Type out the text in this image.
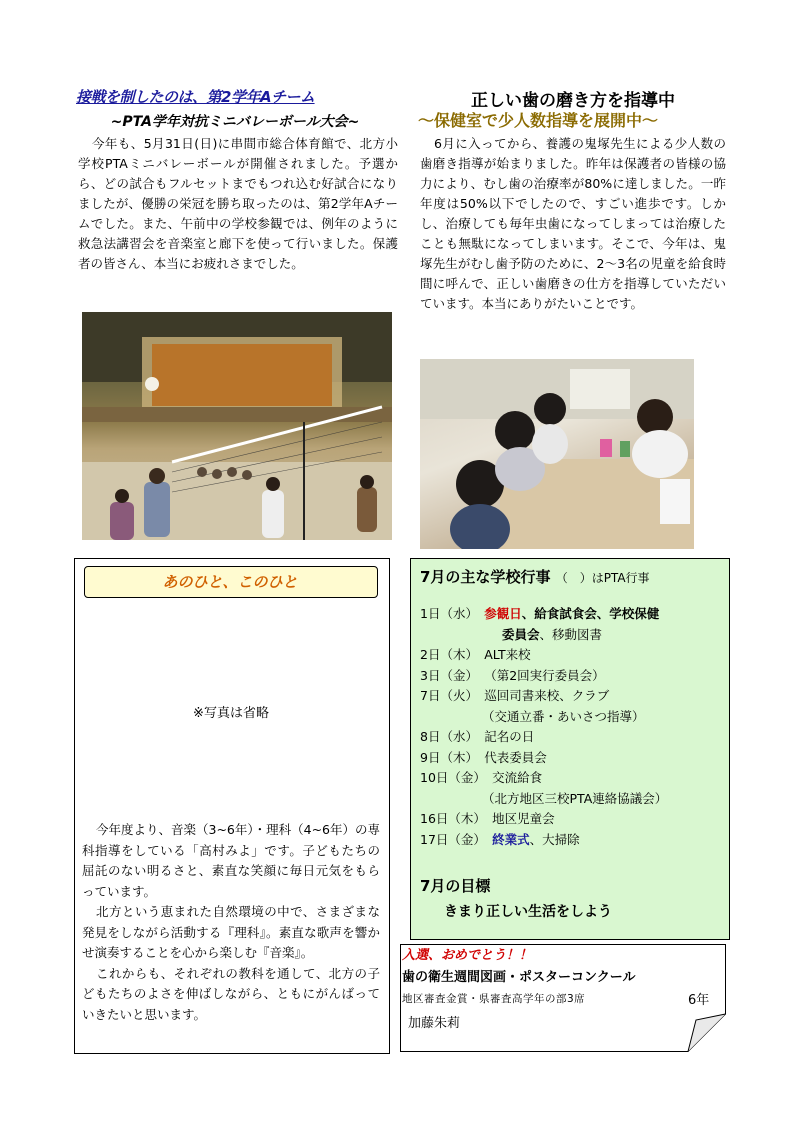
接戦を制したのは、第2学年Aチーム
~PTA学年対抗ミニバレーボール大会~
今年も、5月31日(日)に串間市総合体育館で、北方小学校PTAミニバレーボールが開催されました。予選から、どの試合もフルセットまでもつれ込む好試合になりましたが、優勝の栄冠を勝ち取ったのは、第2学年Aチームでした。また、午前中の学校参観では、例年のように救急法講習会を音楽室と廊下を使って行いました。保護者の皆さん、本当にお疲れさまでした。
正しい歯の磨き方を指導中
～保健室で少人数指導を展開中～
6月に入ってから、養護の鬼塚先生による少人数の歯磨き指導が始まりました。昨年は保護者の皆様の協力により、むし歯の治療率が80%に達しました。一昨年度は50%以下でしたので、すごい進歩です。しかし、治療しても毎年虫歯になってしまっては治療したことも無駄になってしまいます。そこで、今年は、鬼塚先生がむし歯予防のために、2～3名の児童を給食時間に呼んで、正しい歯磨きの仕方を指導していただいています。本当にありがたいことです。
あのひと、このひと
※写真は省略

今年度より、音楽（3~6年）・理科（4~6年）の専科指導をしている「高村みよ」です。子どもたちの屈託のない明るさと、素直な笑顔に毎日元気をもらっています。

北方という恵まれた自然環境の中で、さまざまな発見をしながら活動する『理科』。素直な歌声を響かせ演奏することを心から楽しむ『音楽』。

これからも、それぞれの教科を通して、北方の子どもたちのよさを伸ばしながら、ともにがんばっていきたいと思います。

7月の主な学校行事 （　）はPTA行事
1日（水） 参観日、給食試食会、学校保健
委員会、移動図書
2日（木） ALT来校
3日（金） （第2回実行委員会）
7日（火） 巡回司書来校、クラブ
（交通立番・あいさつ指導）
8日（水） 記名の日
9日（木） 代表委員会
10日（金） 交流給食
（北方地区三校PTA連絡協議会）
16日（木） 地区児童会
17日（金） 終業式、大掃除
7月の目標
きまり正しい生活をしよう
入選、おめでとう！！
歯の衛生週間図画・ポスターコンクール
地区審査金賞・県審査高学年の部3席	6年
加藤朱莉
